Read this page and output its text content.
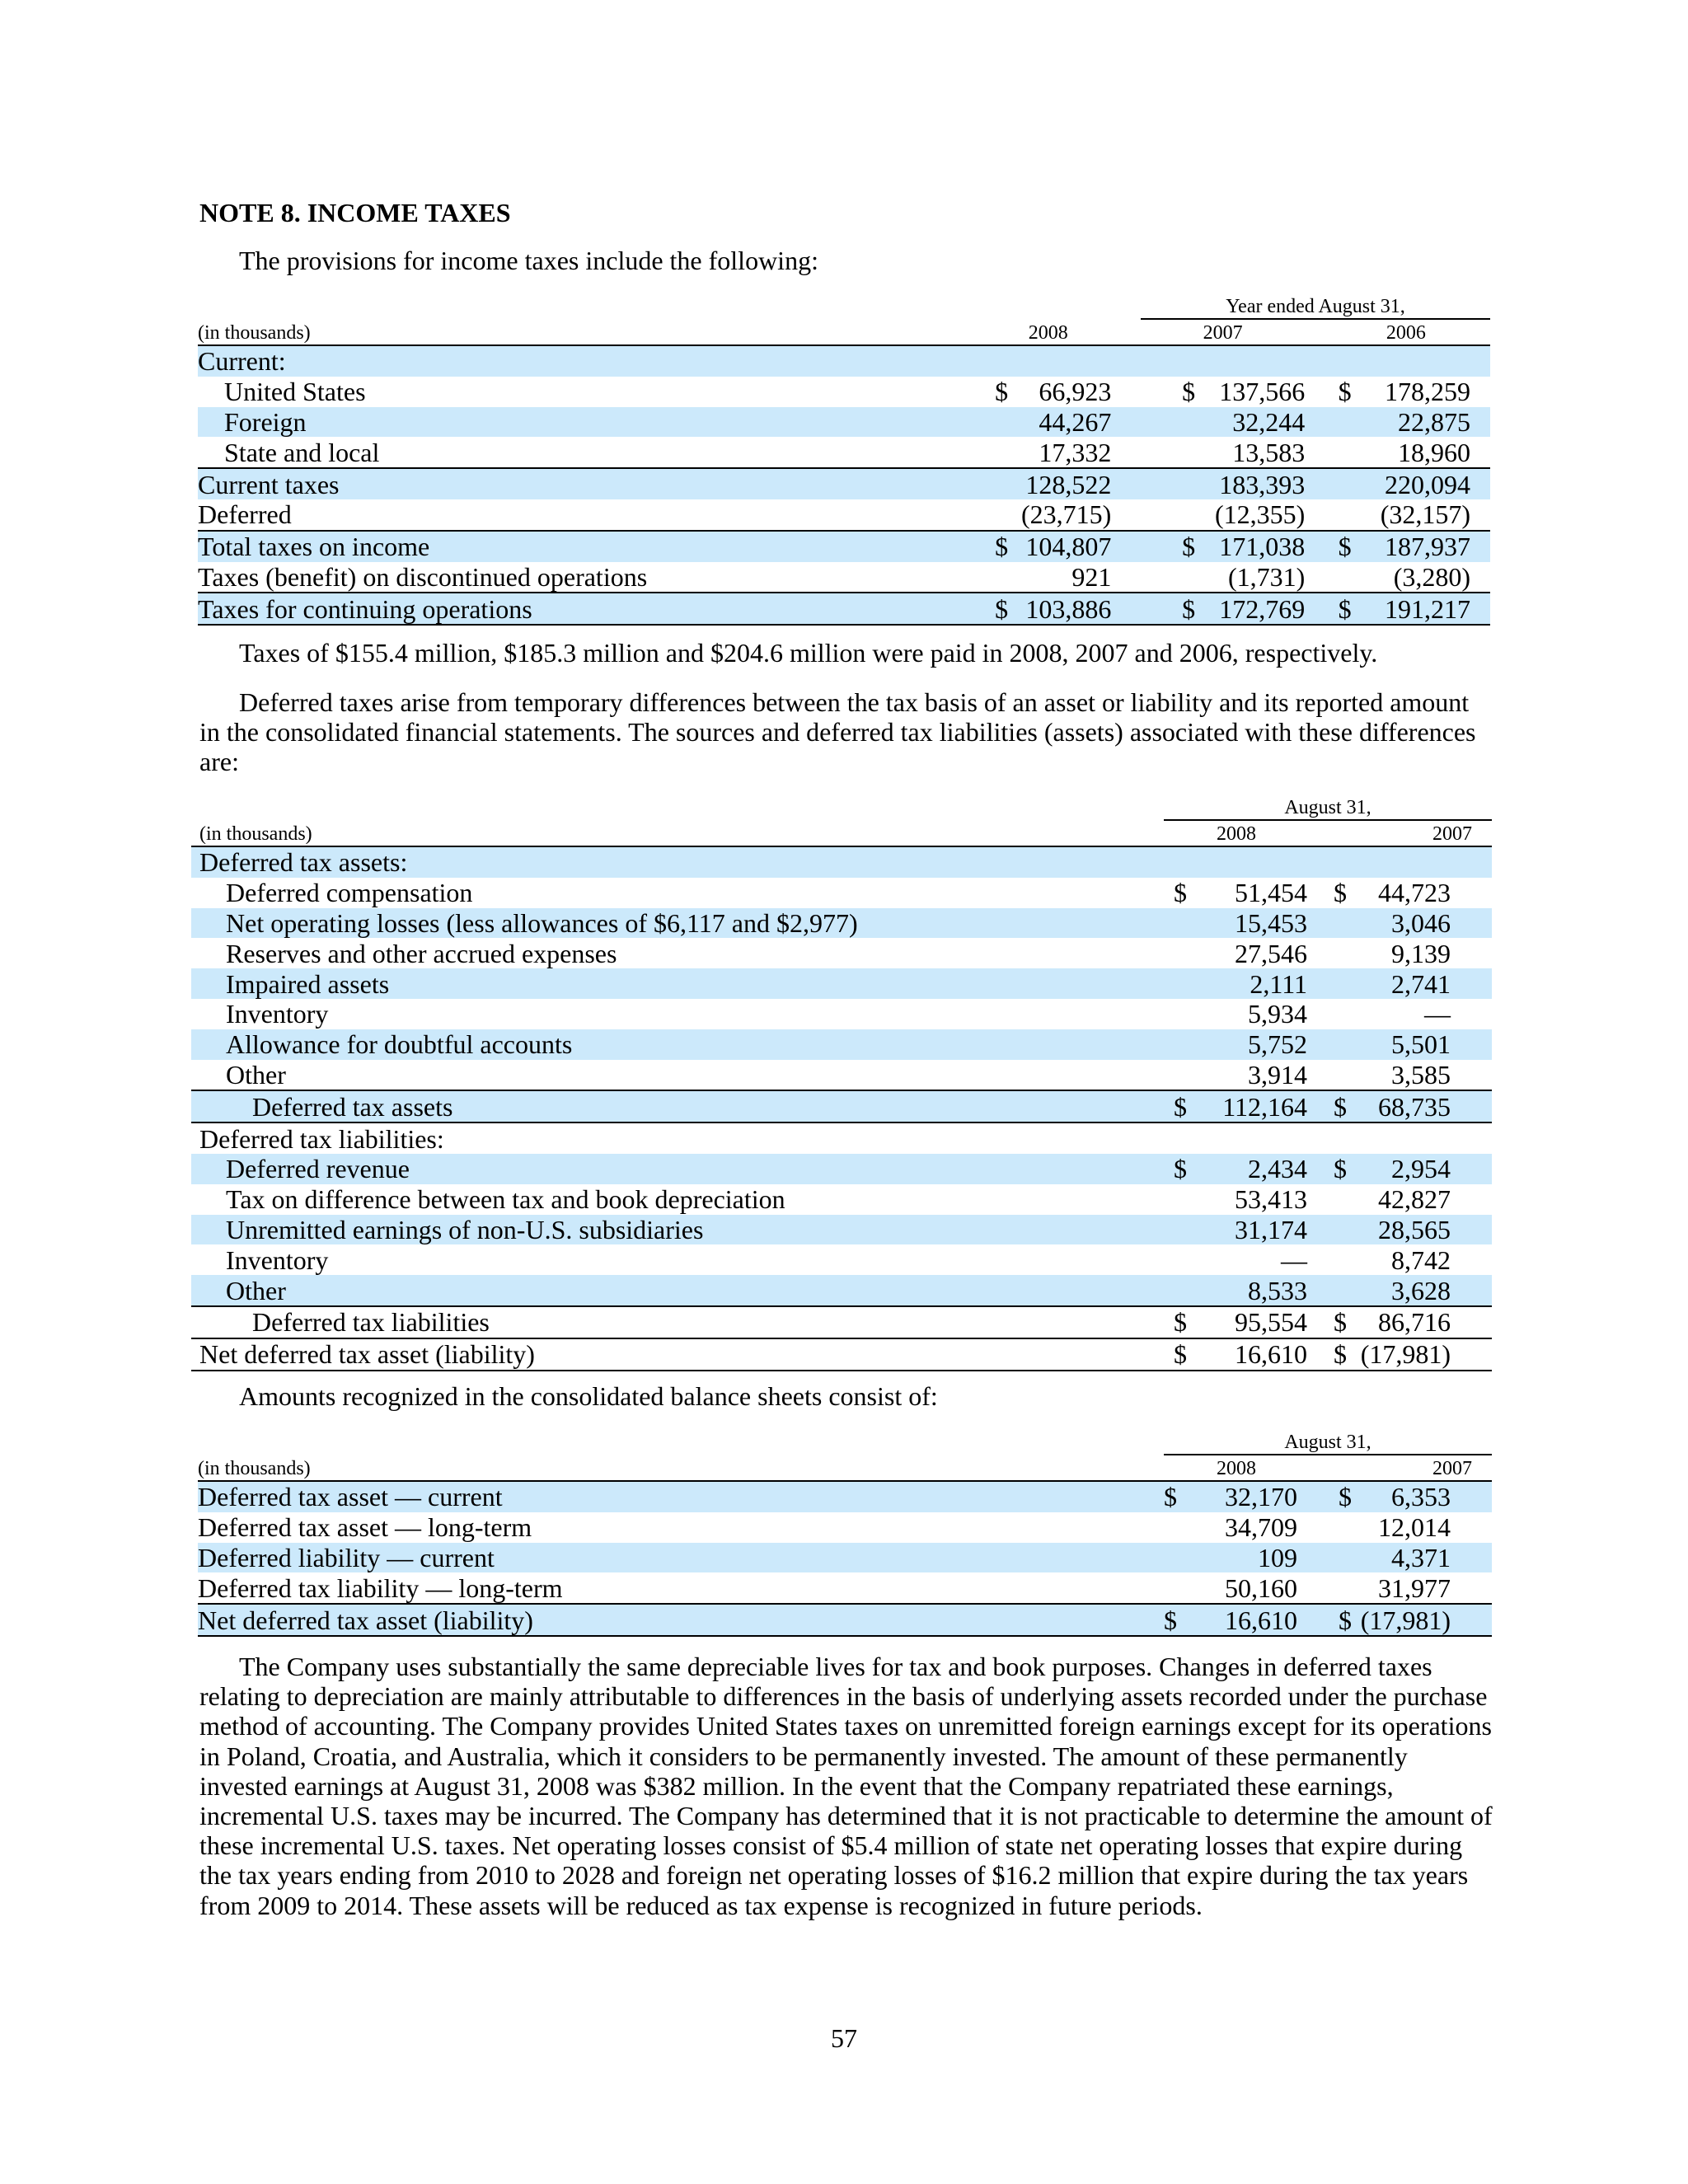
NOTE 8. INCOME TAXES
The provisions for income taxes include the following:
			Year ended August 31,		
(in thousands)	2008		2007		2006
Current:	

United States	$ 66,923		$ 137,566		$ 178,259
Foreign	44,267		32,244		22,875
State and local	17,332		13,583		18,960
Current taxes	128,522		183,393		220,094
Deferred	(23,715)		(12,355)		(32,157)
Total taxes on income	$ 104,807		$ 171,038		$ 187,937
Taxes (benefit) on discontinued operations	921		(1,731)		(3,280)
Taxes for continuing operations	$ 103,886		$ 172,769		$ 191,217
Taxes of $155.4 million, $185.3 million and $204.6 million were paid in 2008, 2007 and 2006, respectively.
Deferred taxes arise from temporary differences between the tax basis of an asset or liability and its reported amount in the consolidated financial statements. The sources and deferred tax liabilities (assets) associated with these differences are:
	August 31,	
(in thousands)	2008	2007
Deferred tax assets:	

Deferred compensation	$ 51,454	$ 44,723
Net operating losses (less allowances of $6,117 and $2,977)	15,453	3,046
Reserves and other accrued expenses	27,546	9,139
Impaired assets	2,111	2,741
Inventory	5,934	—
Allowance for doubtful accounts	5,752	5,501
Other	3,914	3,585
Deferred tax assets	$ 112,164	$ 68,735
Deferred tax liabilities:	

Deferred revenue	$ 2,434	$ 2,954
Tax on difference between tax and book depreciation	53,413	42,827
Unremitted earnings of non-U.S. subsidiaries	31,174	28,565
Inventory	—	8,742
Other	8,533	3,628
Deferred tax liabilities	$ 95,554	$ 86,716
Net deferred tax asset (liability)	$ 16,610	$ (17,981)
Amounts recognized in the consolidated balance sheets consist of:
	August 31,	
(in thousands)	2008	2007
Deferred tax asset — current	$ 32,170	$ 6,353
Deferred tax asset — long-term	34,709	12,014
Deferred liability — current	109	4,371
Deferred tax liability — long-term	50,160	31,977
Net deferred tax asset (liability)	$ 16,610	$ (17,981)
The Company uses substantially the same depreciable lives for tax and book purposes. Changes in deferred taxes relating to depreciation are mainly attributable to differences in the basis of underlying assets recorded under the purchase method of accounting. The Company provides United States taxes on unremitted foreign earnings except for its operations in Poland, Croatia, and Australia, which it considers to be permanently invested. The amount of these permanently invested earnings at August 31, 2008 was $382 million. In the event that the Company repatriated these earnings, incremental U.S. taxes may be incurred. The Company has determined that it is not practicable to determine the amount of these incremental U.S. taxes. Net operating losses consist of $5.4 million of state net operating losses that expire during the tax years ending from 2010 to 2028 and foreign net operating losses of $16.2 million that expire during the tax years from 2009 to 2014. These assets will be reduced as tax expense is recognized in future periods.
57
